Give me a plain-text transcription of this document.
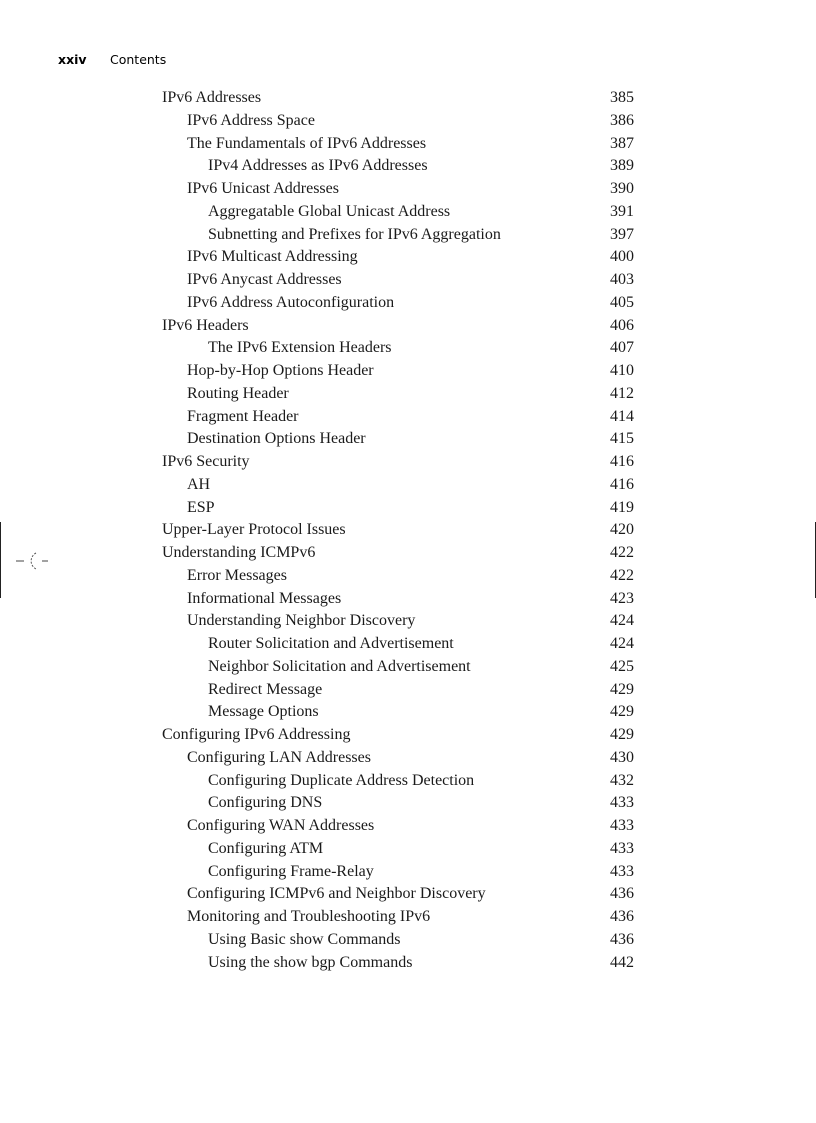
xxiv Contents
IPv6 Addresses	385
IPv6 Address Space	386
The Fundamentals of IPv6 Addresses	387
IPv4 Addresses as IPv6 Addresses	389
IPv6 Unicast Addresses	390
Aggregatable Global Unicast Address	391
Subnetting and Prefixes for IPv6 Aggregation	397
IPv6 Multicast Addressing	400
IPv6 Anycast Addresses	403
IPv6 Address Autoconfiguration	405
IPv6 Headers	406
The IPv6 Extension Headers	407
Hop-by-Hop Options Header	410
Routing Header	412
Fragment Header	414
Destination Options Header	415
IPv6 Security	416
AH	416
ESP	419
Upper-Layer Protocol Issues	420
Understanding ICMPv6	422
Error Messages	422
Informational Messages	423
Understanding Neighbor Discovery	424
Router Solicitation and Advertisement	424
Neighbor Solicitation and Advertisement	425
Redirect Message	429
Message Options	429
Configuring IPv6 Addressing	429
Configuring LAN Addresses	430
Configuring Duplicate Address Detection	432
Configuring DNS	433
Configuring WAN Addresses	433
Configuring ATM	433
Configuring Frame-Relay	433
Configuring ICMPv6 and Neighbor Discovery	436
Monitoring and Troubleshooting IPv6	436
Using Basic show Commands	436
Using the show bgp Commands	442
